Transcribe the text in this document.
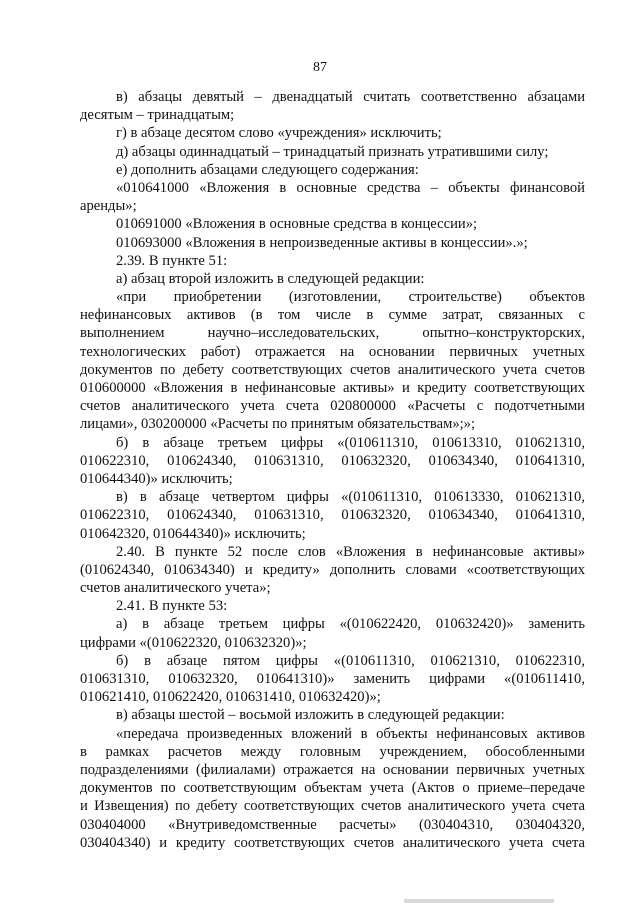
87
в) абзацы девятый – двенадцатый считать соответственно абзацами
десятым – тринадцатым;
г) в абзаце десятом слово «учреждения» исключить;
д) абзацы одиннадцатый – тринадцатый признать утратившими силу;
е) дополнить абзацами следующего содержания:
«010641000 «Вложения в основные средства – объекты финансовой
аренды»;
010691000 «Вложения в основные средства в концессии»;
010693000 «Вложения в непроизведенные активы в концессии».»;
2.39. В пункте 51:
а) абзац второй изложить в следующей редакции:
«при приобретении (изготовлении, строительстве) объектов
нефинансовых активов (в том числе в сумме затрат, связанных с
выполнением научно–исследовательских, опытно–конструкторских,
технологических работ) отражается на основании первичных учетных
документов по дебету соответствующих счетов аналитического учета счетов
010600000 «Вложения в нефинансовые активы» и кредиту соответствующих
счетов аналитического учета счета 020800000 «Расчеты с подотчетными
лицами», 030200000 «Расчеты по принятым обязательствам»;»;
б) в абзаце третьем цифры «(010611310, 010613310, 010621310,
010622310, 010624340, 010631310, 010632320, 010634340, 010641310,
010644340)» исключить;
в) в абзаце четвертом цифры «(010611310, 010613330, 010621310,
010622310, 010624340, 010631310, 010632320, 010634340, 010641310,
010642320, 010644340)» исключить;
2.40. В пункте 52 после слов «Вложения в нефинансовые активы»
(010624340, 010634340) и кредиту» дополнить словами «соответствующих
счетов аналитического учета»;
2.41. В пункте 53:
а) в абзаце третьем цифры «(010622420, 010632420)» заменить
цифрами «(010622320, 010632320)»;
б) в абзаце пятом цифры «(010611310, 010621310, 010622310,
010631310, 010632320, 010641310)» заменить цифрами «(010611410,
010621410, 010622420, 010631410, 010632420)»;
в) абзацы шестой – восьмой изложить в следующей редакции:
«передача произведенных вложений в объекты нефинансовых активов
в рамках расчетов между головным учреждением, обособленными
подразделениями (филиалами) отражается на основании первичных учетных
документов по соответствующим объектам учета (Актов о приеме–передаче
и Извещения) по дебету соответствующих счетов аналитического учета счета
030404000 «Внутриведомственные расчеты» (030404310, 030404320,
030404340) и кредиту соответствующих счетов аналитического учета счета
